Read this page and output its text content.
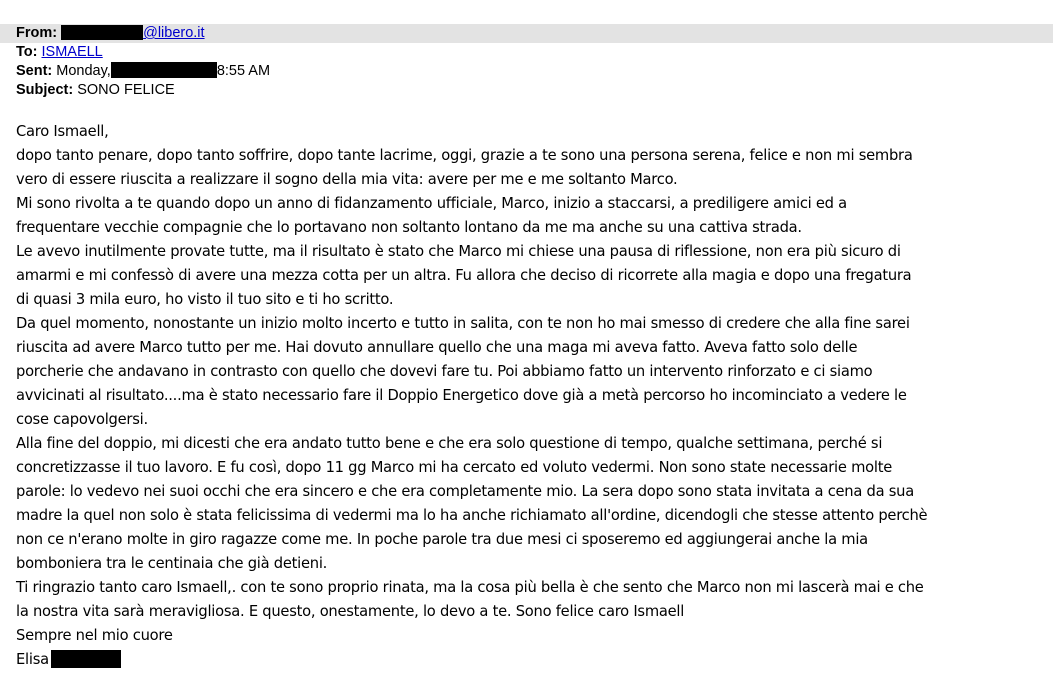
From:	@libero.it
To: ISMAELL
Sent: Monday,	8:55 AM
Subject: SONO FELICE
Caro Ismaell,
dopo tanto penare, dopo tanto soffrire, dopo tante lacrime, oggi, grazie a te sono una persona serena, felice e non mi sembra
vero di essere riuscita a realizzare il sogno della mia vita: avere per me e me soltanto Marco.
Mi sono rivolta a te quando dopo un anno di fidanzamento ufficiale, Marco, inizio a staccarsi, a prediligere amici ed a
frequentare vecchie compagnie che lo portavano non soltanto lontano da me ma anche su una cattiva strada.
Le avevo inutilmente provate tutte, ma il risultato è stato che Marco mi chiese una pausa di riflessione, non era più sicuro di
amarmi e mi confessò di avere una mezza cotta per un altra. Fu allora che deciso di ricorrete alla magia e dopo una fregatura
di quasi 3 mila euro, ho visto il tuo sito e ti ho scritto.
Da quel momento, nonostante un inizio molto incerto e tutto in salita, con te non ho mai smesso di credere che alla fine sarei
riuscita ad avere Marco tutto per me. Hai dovuto annullare quello che una maga mi aveva fatto. Aveva fatto solo delle
porcherie che andavano in contrasto con quello che dovevi fare tu. Poi abbiamo fatto un intervento rinforzato e ci siamo
avvicinati al risultato....ma è stato necessario fare il Doppio Energetico dove già a metà percorso ho incominciato a vedere le
cose capovolgersi.
Alla fine del doppio, mi dicesti che era andato tutto bene e che era solo questione di tempo, qualche settimana, perché si
concretizzasse il tuo lavoro. E fu così, dopo 11 gg Marco mi ha cercato ed voluto vedermi. Non sono state necessarie molte
parole: lo vedevo nei suoi occhi che era sincero e che era completamente mio. La sera dopo sono stata invitata a cena da sua
madre la quel non solo è stata felicissima di vedermi ma lo ha anche richiamato all'ordine, dicendogli che stesse attento perchè
non ce n'erano molte in giro ragazze come me. In poche parole tra due mesi ci sposeremo ed aggiungerai anche la mia
bomboniera tra le centinaia che già detieni.
Ti ringrazio tanto caro Ismaell,. con te sono proprio rinata, ma la cosa più bella è che sento che Marco non mi lascerà mai e che
la nostra vita sarà meravigliosa. E questo, onestamente, lo devo a te. Sono felice caro Ismaell
Sempre nel mio cuore
Elisa
